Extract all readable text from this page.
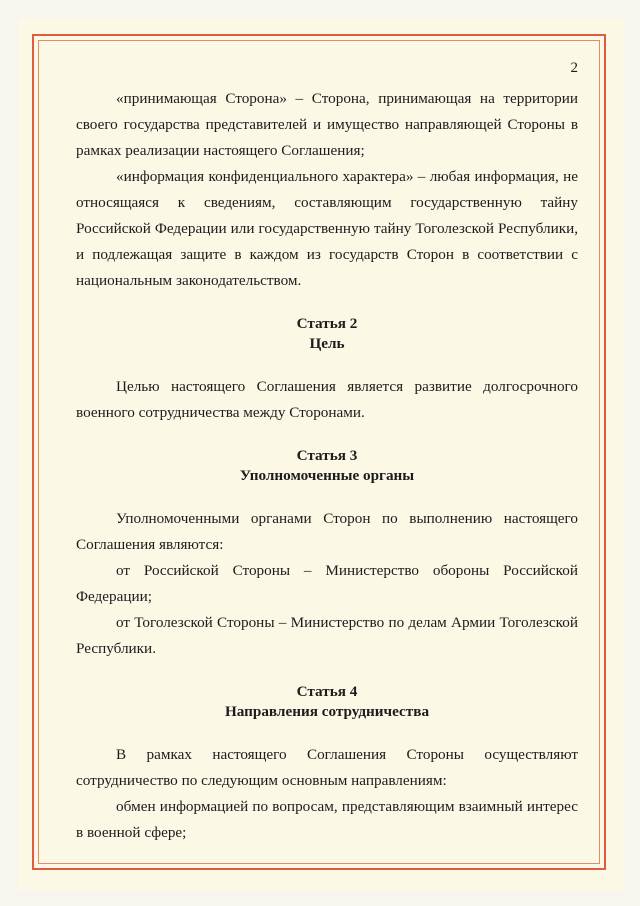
2

«принимающая Сторона» – Сторона, принимающая на территории своего государства представителей и имущество направляющей Стороны в рамках реализации настоящего Соглашения;

«информация конфиденциального характера» – любая информация, не относящаяся к сведениям, составляющим государственную тайну Российской Федерации или государственную тайну Тоголезской Республики, и подлежащая защите в каждом из государств Сторон в соответствии с национальным законодательством.

Статья 2

Цель

Целью настоящего Соглашения является развитие долгосрочного военного сотрудничества между Сторонами.

Статья 3

Уполномоченные органы

Уполномоченными органами Сторон по выполнению настоящего Соглашения являются:

от Российской Стороны – Министерство обороны Российской Федерации;

от Тоголезской Стороны – Министерство по делам Армии Тоголезской Республики.

Статья 4

Направления сотрудничества

В рамках настоящего Соглашения Стороны осуществляют сотрудничество по следующим основным направлениям:

обмен информацией по вопросам, представляющим взаимный интерес в военной сфере;
